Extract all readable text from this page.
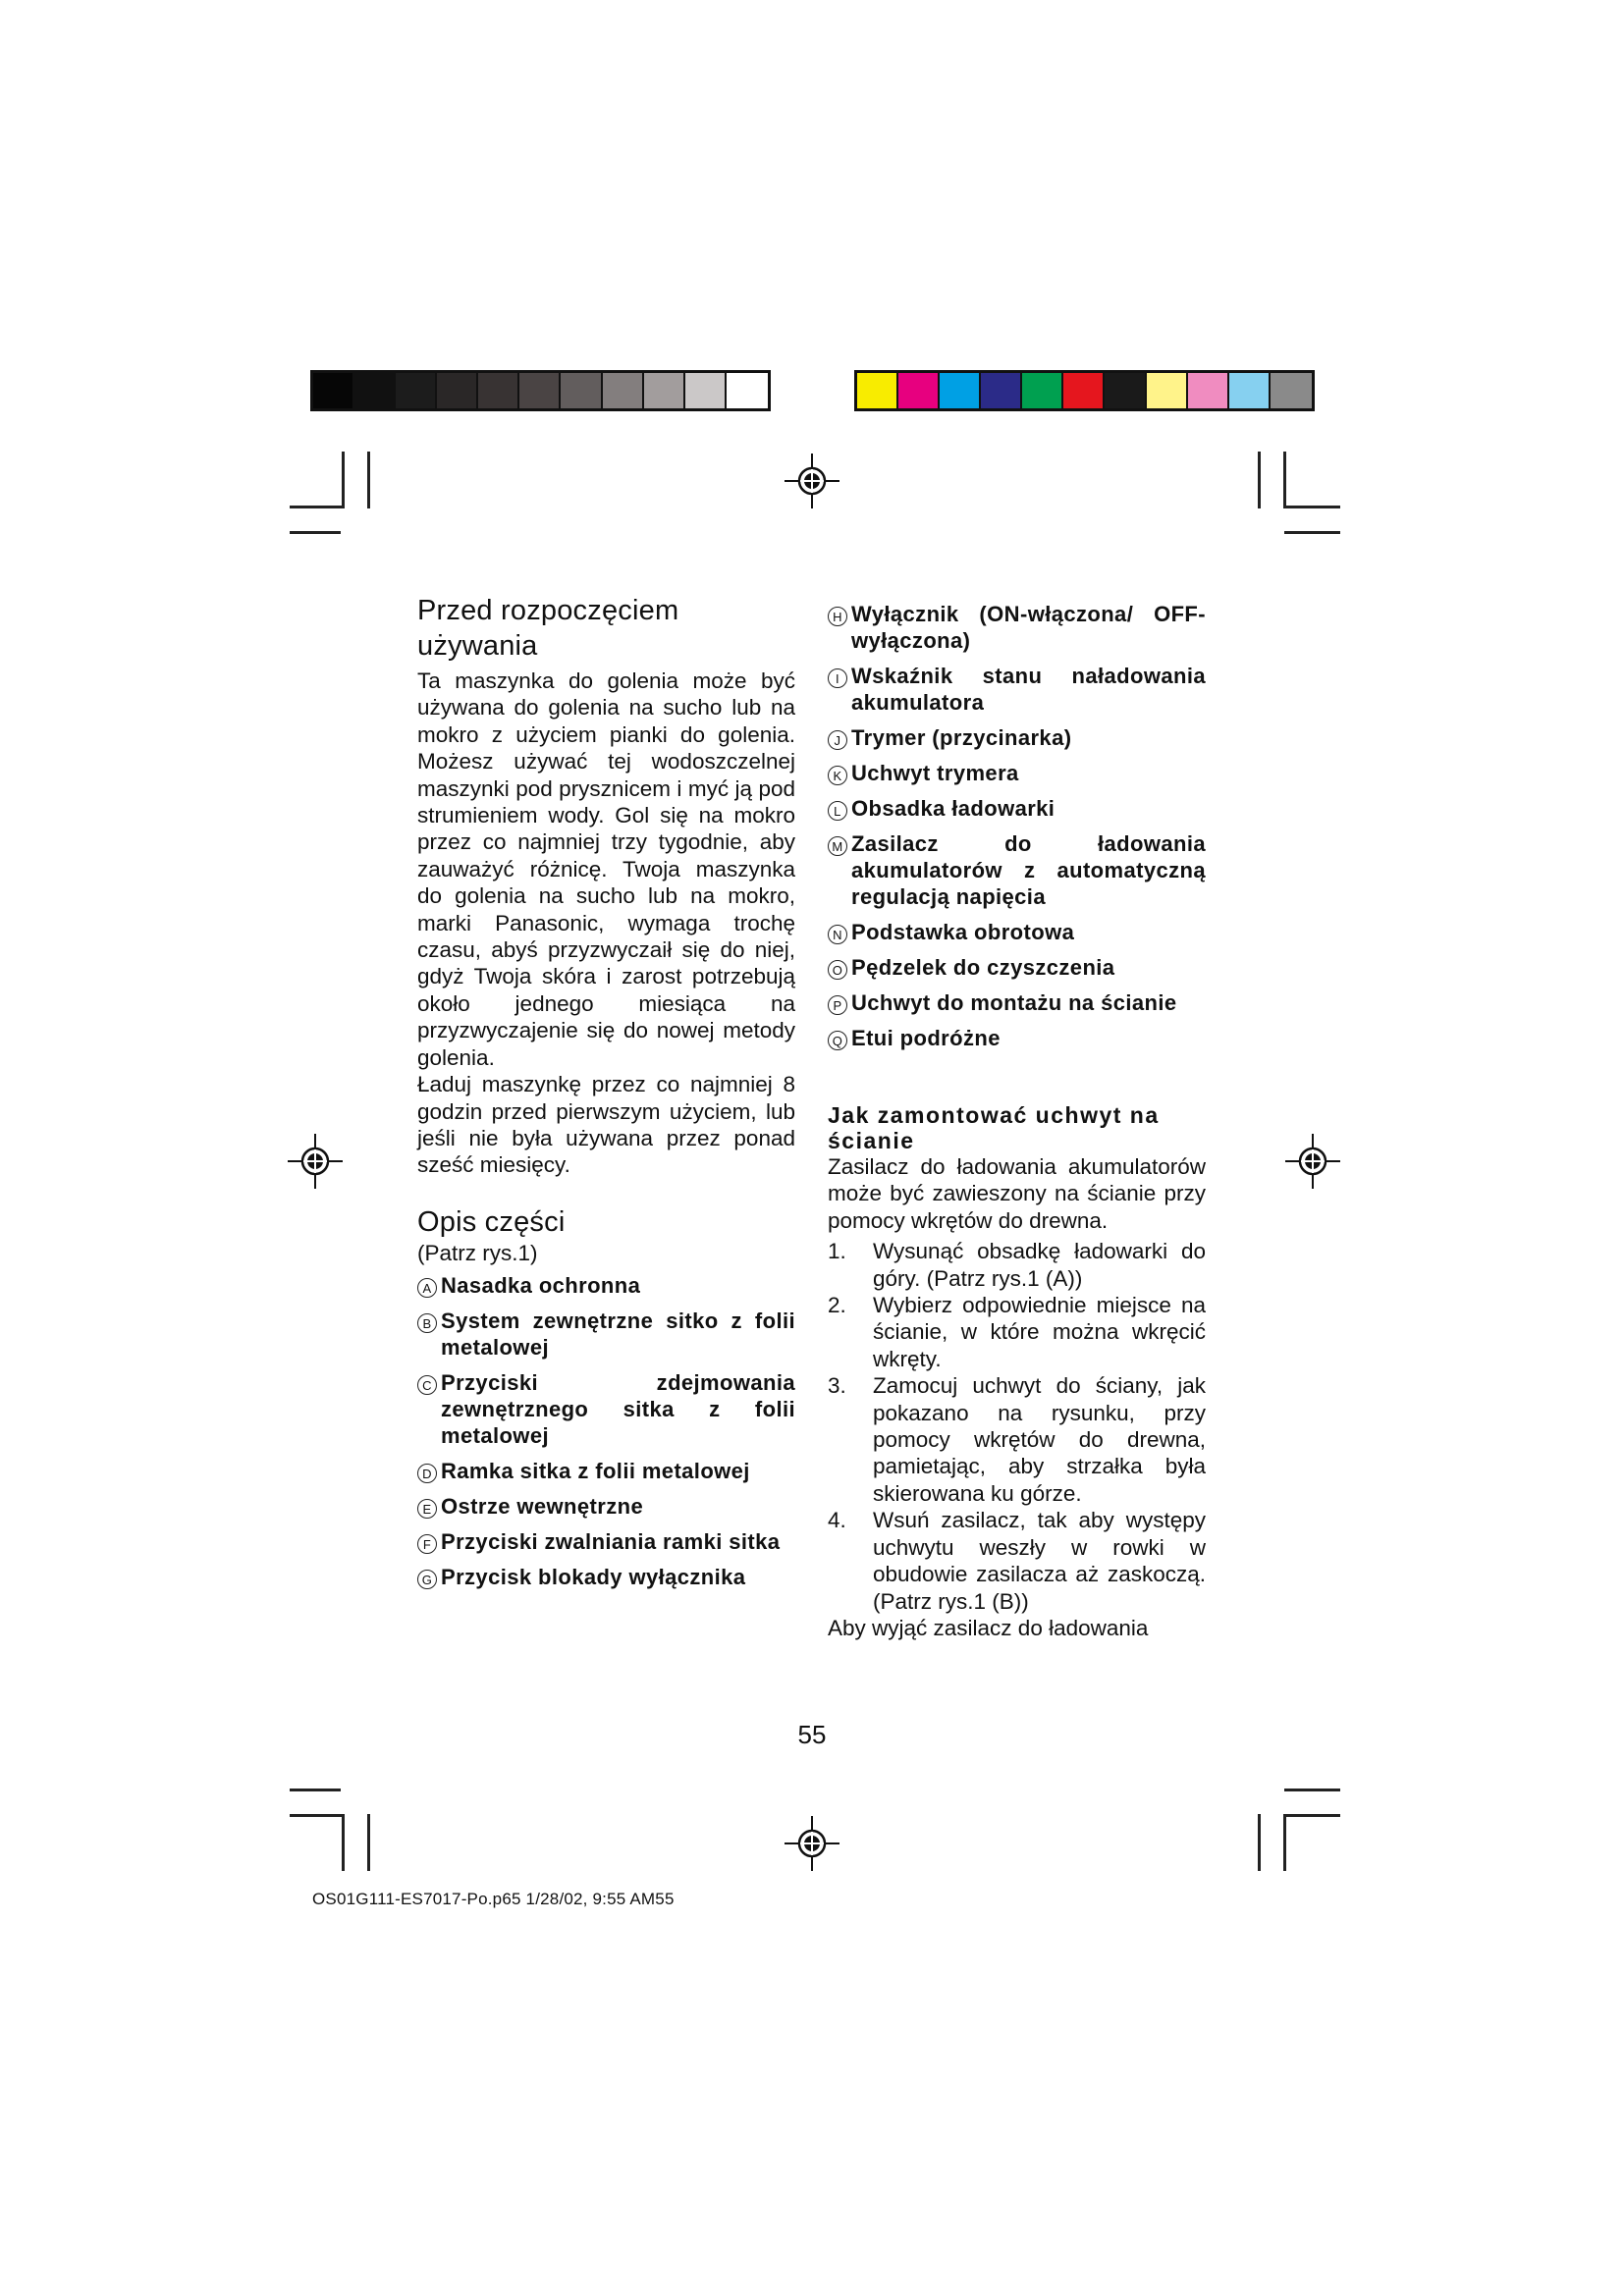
Przed rozpoczęciem
używania

Ta maszynka do golenia może być używana do golenia na sucho lub na mokro z użyciem pianki do golenia. Możesz używać tej wodoszczelnej maszynki pod prysznicem i myć ją pod strumieniem wody. Gol się na mokro przez co najmniej trzy tygodnie, aby zauważyć różnicę. Twoja maszynka do golenia na sucho lub na mokro, marki Panasonic, wymaga trochę czasu, abyś przyzwyczaił się do niej, gdyż Twoja skóra i zarost potrzebują około jednego miesiąca na przyzwyczajenie się do nowej metody golenia.

Ładuj maszynkę przez co najmniej 8 godzin przed pierwszym użyciem, lub jeśli nie była używana przez ponad sześć miesięcy.

Opis części

(Patrz rys.1)

A Nasadka ochronna
B System zewnętrzne sitko z folii metalowej
C Przyciski zdejmowania zewnętrznego sitka z folii metalowej
D Ramka sitka z folii metalowej
E Ostrze wewnętrzne
F Przyciski zwalniania ramki sitka
G Przycisk blokady wyłącznika
H Wyłącznik (ON-włączona/ OFF-wyłączona)
I Wskaźnik stanu naładowania akumulatora
J Trymer (przycinarka)
K Uchwyt trymera
L Obsadka ładowarki
M Zasilacz do ładowania akumulatorów z automatyczną regulacją napięcia
N Podstawka obrotowa
O Pędzelek do czyszczenia
P Uchwyt do montażu na ścianie
Q Etui podróżne
Jak zamontować uchwyt na ścianie

Zasilacz do ładowania akumulatorów może być zawieszony na ścianie przy pomocy wkrętów do drewna.

1.	Wysunąć obsadkę ładowarki do góry. (Patrz rys.1 (A))
2.	Wybierz odpowiednie miejsce na ścianie, w które można wkręcić wkręty.
3.	Zamocuj uchwyt do ściany, jak pokazano na rysunku, przy pomocy wkrętów do drewna, pamietając, aby strzałka była skierowana ku górze.
4.	Wsuń zasilacz, tak aby występy uchwytu weszły w rowki w obudowie zasilacza aż zaskoczą. (Patrz rys.1 (B))

Aby wyjąć zasilacz do ładowania

55
OS01G111-ES7017-Po.p65 1/28/02, 9:55 AM55
